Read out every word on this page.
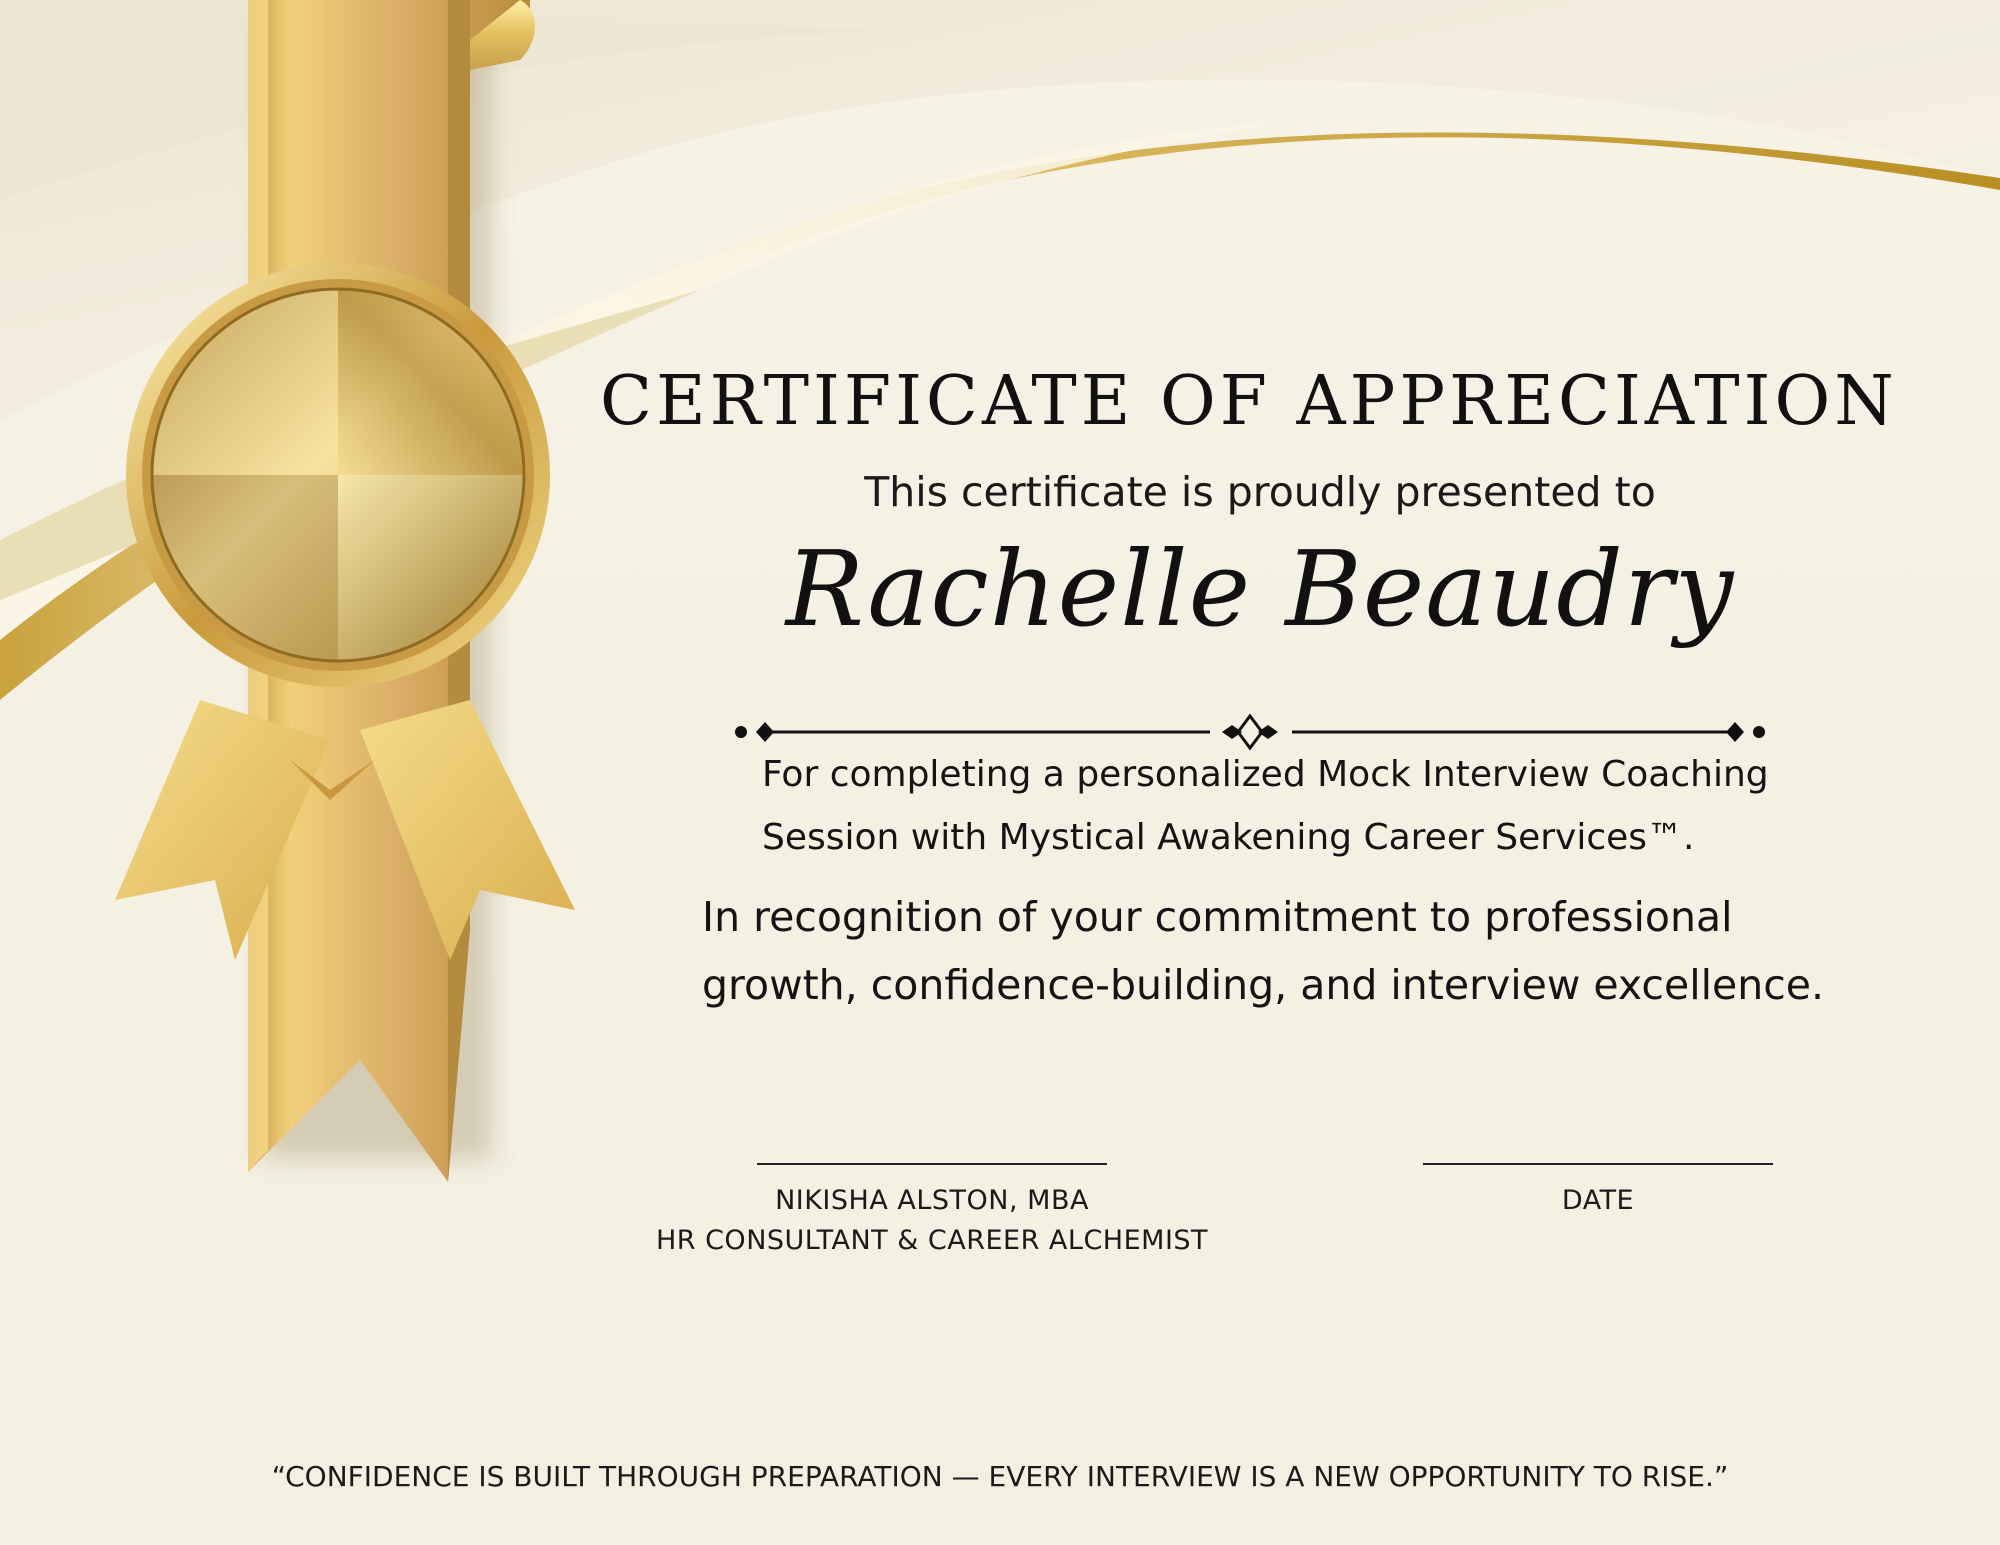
CERTIFICATE OF APPRECIATION
This certificate is proudly presented to
Rachelle Beaudry
For completing a personalized Mock Interview Coaching
Session with Mystical Awakening Career Services™.
In recognition of your commitment to professional
growth, confidence-building, and interview excellence.
NIKISHA ALSTON, MBA
HR CONSULTANT & CAREER ALCHEMIST
DATE
“CONFIDENCE IS BUILT THROUGH PREPARATION — EVERY INTERVIEW IS A NEW OPPORTUNITY TO RISE.”
